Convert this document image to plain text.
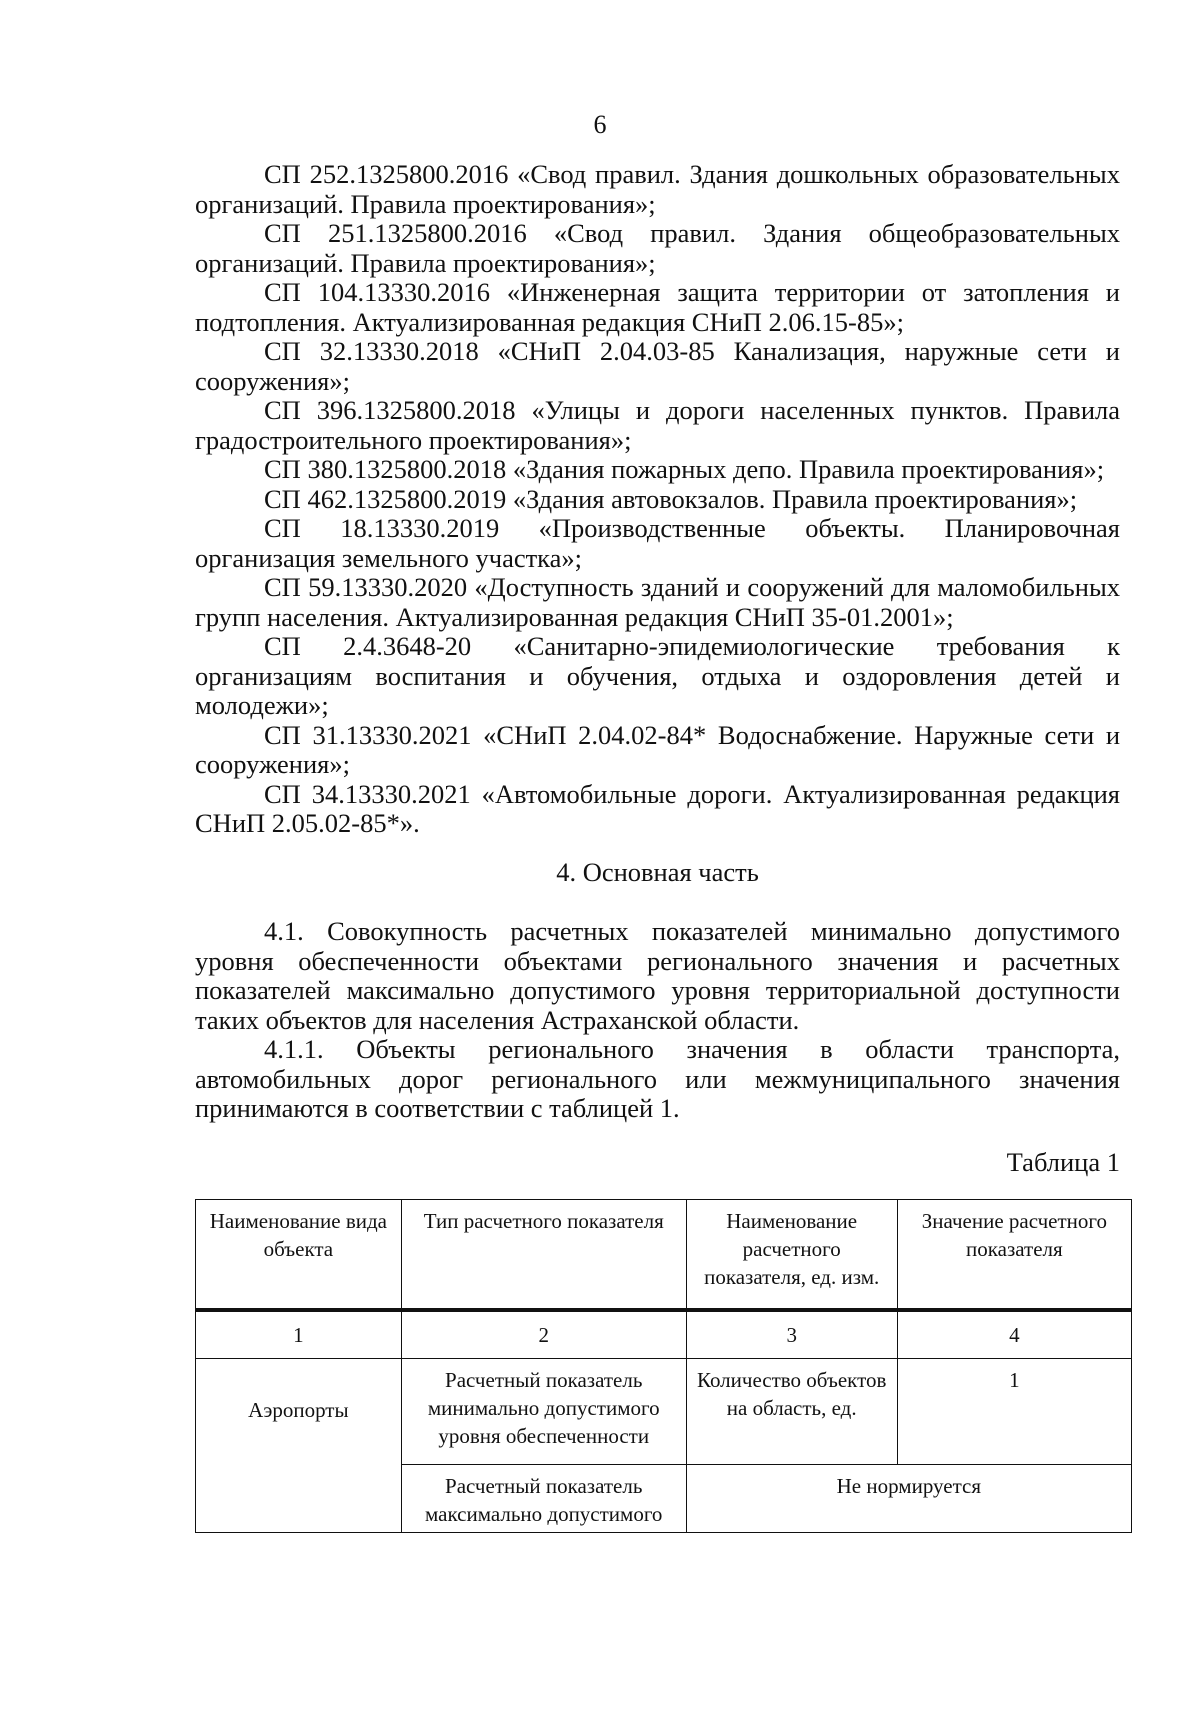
6

СП 252.1325800.2016 «Свод правил. Здания дошкольных образовательных организаций. Правила проектирования»;

СП 251.1325800.2016 «Свод правил. Здания общеобразовательных организаций. Правила проектирования»;

СП 104.13330.2016 «Инженерная защита территории от затопления и подтопления. Актуализированная редакция СНиП 2.06.15-85»;

СП 32.13330.2018 «СНиП 2.04.03-85 Канализация, наружные сети и сооружения»;

СП 396.1325800.2018 «Улицы и дороги населенных пунктов. Правила градостроительного проектирования»;

СП 380.1325800.2018 «Здания пожарных депо. Правила проектирования»;

СП 462.1325800.2019 «Здания автовокзалов. Правила проектирования»;

СП 18.13330.2019 «Производственные объекты. Планировочная организация земельного участка»;

СП 59.13330.2020 «Доступность зданий и сооружений для маломобильных групп населения. Актуализированная редакция СНиП 35-01.2001»;

СП 2.4.3648-20 «Санитарно-эпидемиологические требования к организациям воспитания и обучения, отдыха и оздоровления детей и молодежи»;

СП 31.13330.2021 «СНиП 2.04.02-84* Водоснабжение. Наружные сети и сооружения»;

СП 34.13330.2021 «Автомобильные дороги. Актуализированная редакция СНиП 2.05.02-85*».

4. Основная часть

4.1. Совокупность расчетных показателей минимально допустимого уровня обеспеченности объектами регионального значения и расчетных показателей максимально допустимого уровня территориальной доступности таких объектов для населения Астраханской области.

4.1.1. Объекты регионального значения в области транспорта, автомобильных дорог регионального или межмуниципального значения принимаются в соответствии с таблицей 1.

Таблица 1

Наименование вида объекта	Тип расчетного показателя	Наименование расчетного показателя, ед. изм.	Значение расчетного показателя
1	2	3	4

Аэропорты	Расчетный показатель минимально допустимого уровня обеспеченности	Количество объектов на область, ед.	1
	Расчетный показатель максимально допустимого	Не нормируется	
